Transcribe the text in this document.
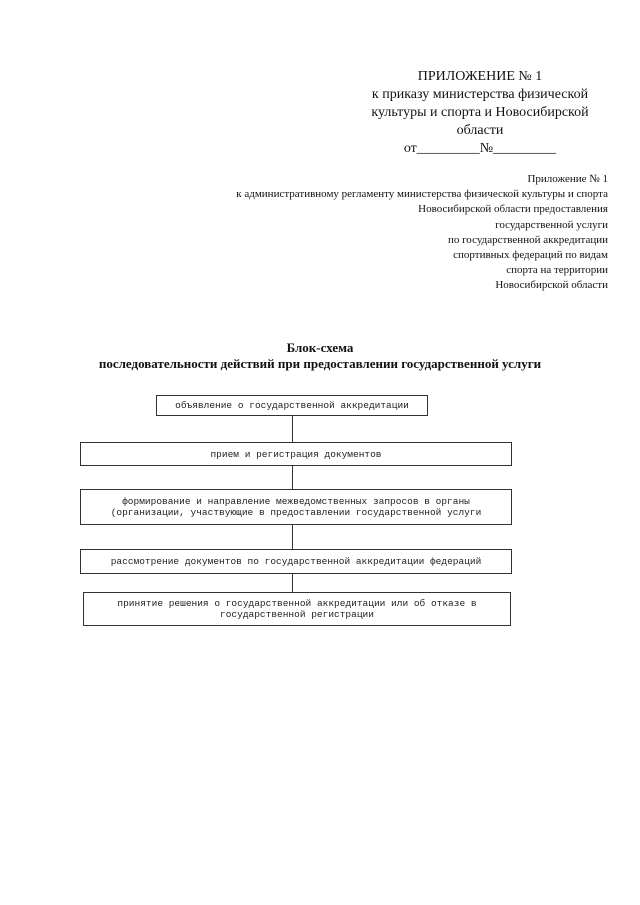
ПРИЛОЖЕНИЕ № 1
к приказу министерства физической
культуры и спорта и Новосибирской
области
от_________№_________
Приложение № 1
к административному регламенту министерства физической культуры и спорта
Новосибирской области предоставления
государственной услуги
по государственной аккредитации
спортивных федераций по видам
спорта на территории
Новосибирской области
Блок-схема
последовательности действий при предоставлении государственной услуги
объявление о государственной аккредитации
прием и регистрация документов
формирование и направление межведомственных запросов в органы
(организации, участвующие в предоставлении государственной услуги
рассмотрение документов по государственной аккредитации федераций
принятие решения о государственной аккредитации или об отказе в
государственной регистрации
